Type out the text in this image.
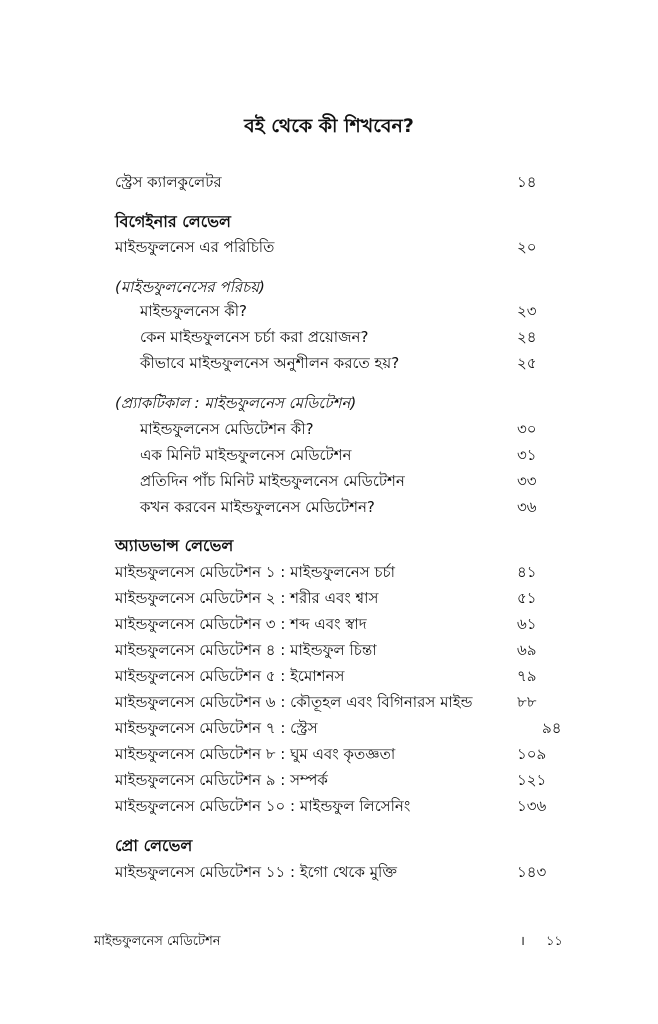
বই থেকে কী শিখবেন?
স্ট্রেস ক্যালকুলেটর	১৪
বিগেইনার লেভেল
মাইন্ডফুলনেস এর পরিচিতি	২০
(মাইন্ডফুলনেসের পরিচয়)
মাইন্ডফুলনেস কী?	২৩
কেন মাইন্ডফুলনেস চর্চা করা প্রয়োজন?	২৪
কীভাবে মাইন্ডফুলনেস অনুশীলন করতে হয়?	২৫
(প্র্যাকটিকাল : মাইন্ডফুলনেস মেডিটেশন)
মাইন্ডফুলনেস মেডিটেশন কী?	৩০
এক মিনিট মাইন্ডফুলনেস মেডিটেশন	৩১
প্রতিদিন পাঁচ মিনিট মাইন্ডফুলনেস মেডিটেশন	৩৩
কখন করবেন মাইন্ডফুলনেস মেডিটেশন?	৩৬
অ্যাডভান্স লেভেল
মাইন্ডফুলনেস মেডিটেশন ১ : মাইন্ডফুলনেস চর্চা	৪১
মাইন্ডফুলনেস মেডিটেশন ২ : শরীর এবং শ্বাস	৫১
মাইন্ডফুলনেস মেডিটেশন ৩ : শব্দ এবং স্বাদ	৬১
মাইন্ডফুলনেস মেডিটেশন ৪ : মাইন্ডফুল চিন্তা	৬৯
মাইন্ডফুলনেস মেডিটেশন ৫ : ইমোশনস	৭৯
মাইন্ডফুলনেস মেডিটেশন ৬ : কৌতূহল এবং বিগিনারস মাইন্ড	৮৮
মাইন্ডফুলনেস মেডিটেশন ৭ : স্ট্রেস	৯৪
মাইন্ডফুলনেস মেডিটেশন ৮ : ঘুম এবং কৃতজ্ঞতা	১০৯
মাইন্ডফুলনেস মেডিটেশন ৯ : সম্পর্ক	১২১
মাইন্ডফুলনেস মেডিটেশন ১০ : মাইন্ডফুল লিসেনিং	১৩৬
প্রো লেভেল
মাইন্ডফুলনেস মেডিটেশন ১১ : ইগো থেকে মুক্তি	১৪৩
মাইন্ডফুলনেস মেডিটেশন	। ১১
